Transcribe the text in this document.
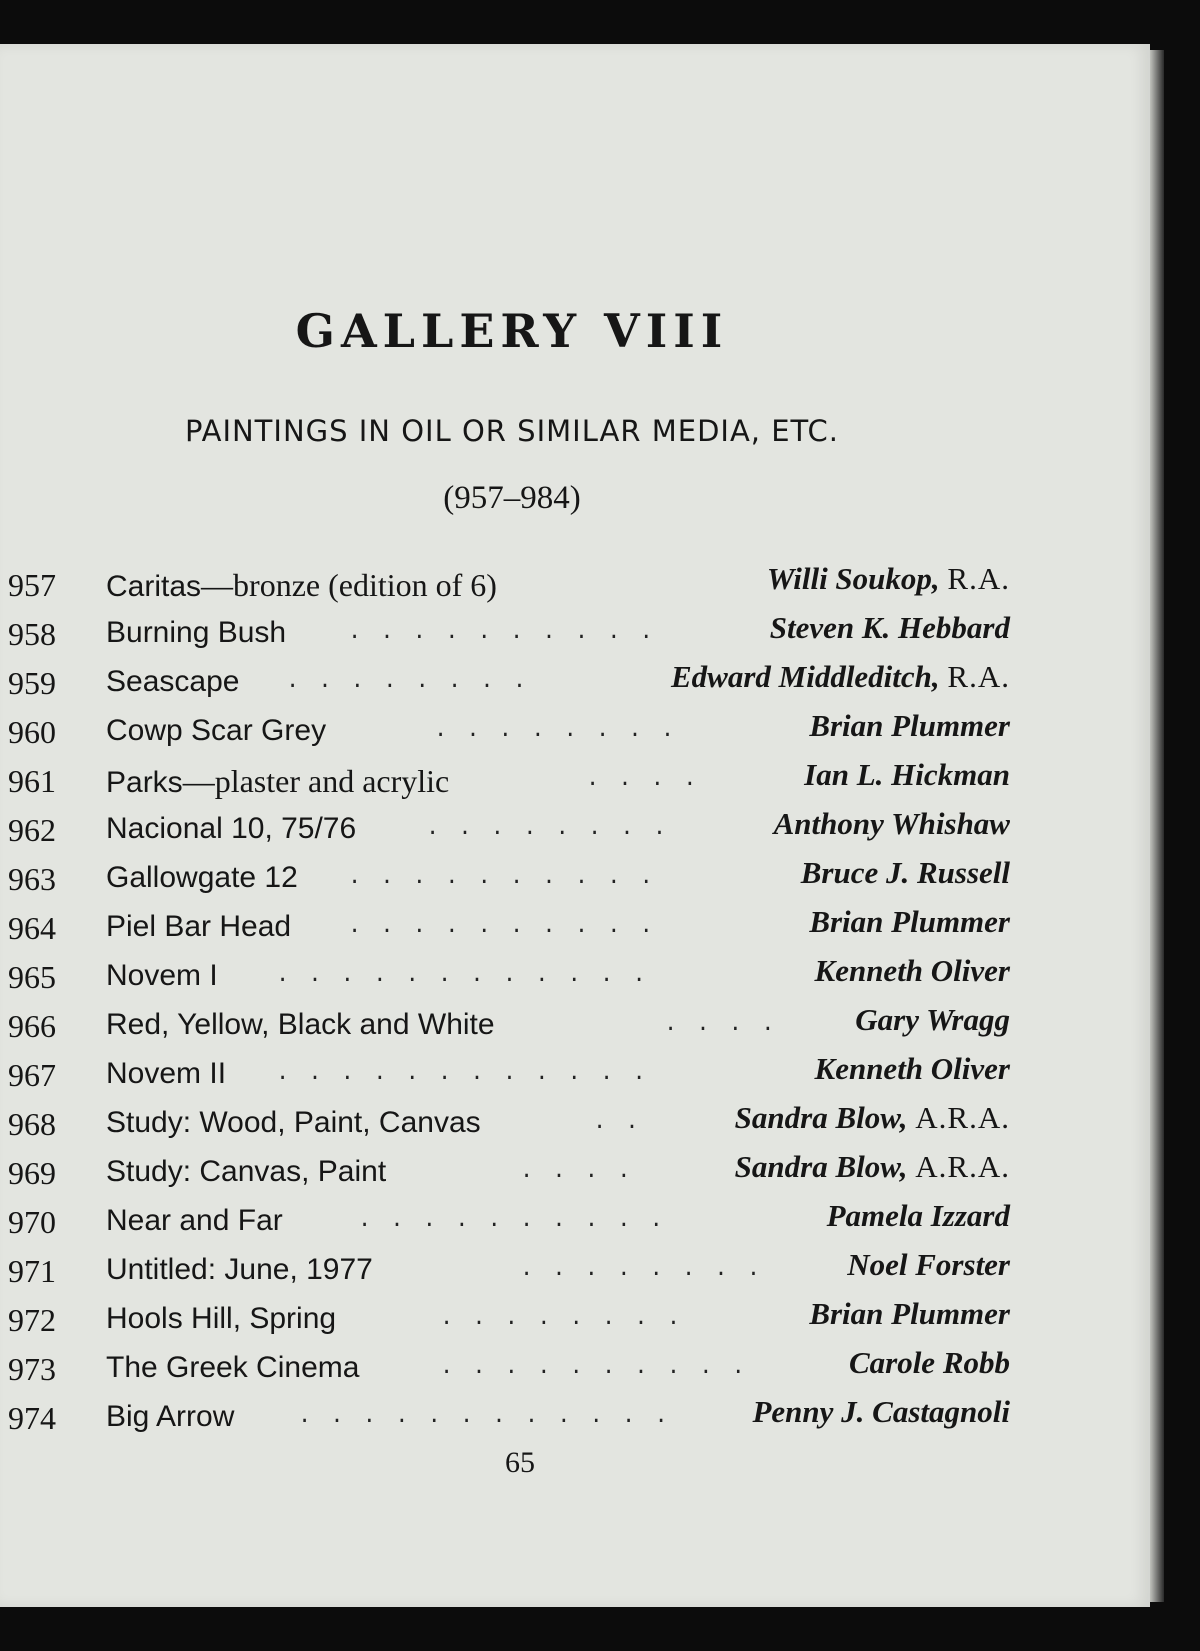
GALLERY VIII
PAINTINGS IN OIL OR SIMILAR MEDIA, ETC.
(957–984)
957 Caritas—bronze (edition of 6)	Willi Soukop, R.A.
958 Burning Bush	. . . . . . . . . .	Steven K. Hebbard
959 Seascape . . . . . . . .	Edward Middleditch, R.A.
960 Cowp Scar Grey	. . . . . . . .	Brian Plummer
961 Parks—plaster and acrylic	. . . .	Ian L. Hickman
962 Nacional 10, 75/76	. . . . . . . .	Anthony Whishaw
963 Gallowgate 12 . . . . . . . . . .	Bruce J. Russell
964 Piel Bar Head	. . . . . . . . . .	Brian Plummer
965 Novem I	. . . . . . . . . . . .	Kenneth Oliver
966 Red, Yellow, Black and White	. . . .	Gary Wragg
967 Novem II . . . . . . . . . . . .	Kenneth Oliver
968 Study: Wood, Paint, Canvas	. .	Sandra Blow, A.R.A.
969 Study: Canvas, Paint	. . . .	Sandra Blow, A.R.A.
970 Near and Far	. . . . . . . . . .	Pamela Izzard
971 Untitled: June, 1977	. . . . . . . .	Noel Forster
972 Hools Hill, Spring	. . . . . . . .	Brian Plummer
973 The Greek Cinema	. . . . . . . . . .	Carole Robb
974 Big Arrow	. . . . . . . . . . . .	Penny J. Castagnoli
65
